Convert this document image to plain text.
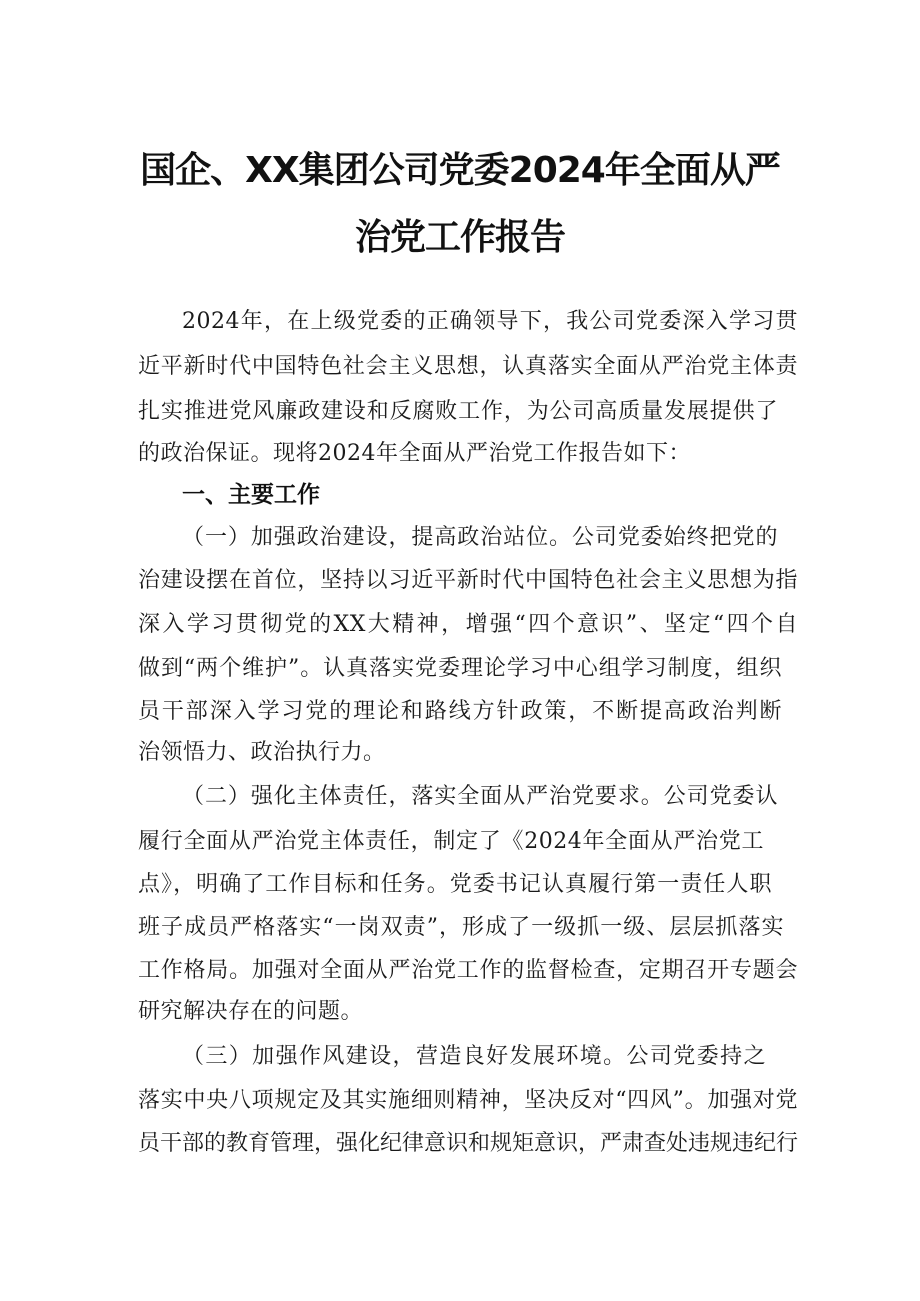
国企、XX集团公司党委2024年全面从严
治党工作报告
2024年，在上级党委的正确领导下，我公司党委深入学习贯
近平新时代中国特色社会主义思想，认真落实全面从严治党主体责
扎实推进党风廉政建设和反腐败工作，为公司高质量发展提供了
的政治保证。现将2024年全面从严治党工作报告如下：
一、主要工作
（一）加强政治建设，提高政治站位。公司党委始终把党的
治建设摆在首位，坚持以习近平新时代中国特色社会主义思想为指
深入学习贯彻党的XX大精神，增强“四个意识”、坚定“四个自
做到“两个维护”。认真落实党委理论学习中心组学习制度，组织
员干部深入学习党的理论和路线方针政策，不断提高政治判断
治领悟力、政治执行力。
（二）强化主体责任，落实全面从严治党要求。公司党委认
履行全面从严治党主体责任，制定了《2024年全面从严治党工
点》，明确了工作目标和任务。党委书记认真履行第一责任人职
班子成员严格落实“一岗双责”，形成了一级抓一级、层层抓落实
工作格局。加强对全面从严治党工作的监督检查，定期召开专题会
研究解决存在的问题。
（三）加强作风建设，营造良好发展环境。公司党委持之
落实中央八项规定及其实施细则精神，坚决反对“四风”。加强对党
员干部的教育管理，强化纪律意识和规矩意识，严肃查处违规违纪行
